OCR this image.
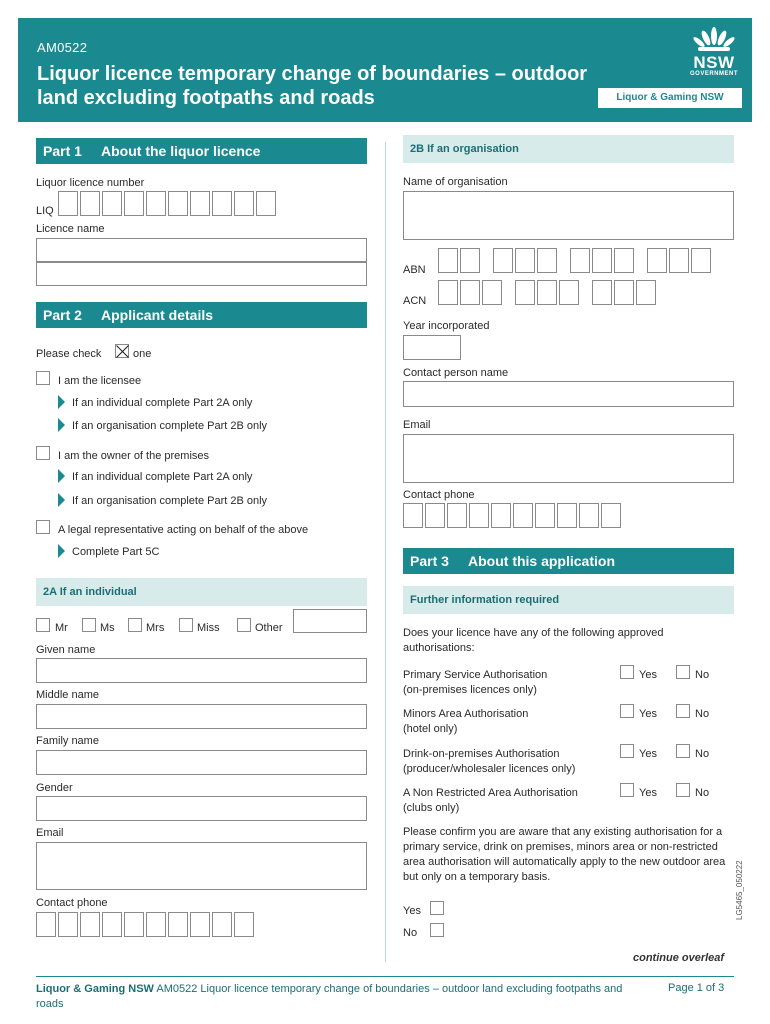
AM0522
Liquor licence temporary change of boundaries – outdoor land excluding footpaths and roads
NSW
GOVERNMENT
Liquor & Gaming NSW
Part 1 About the liquor licence
Liquor licence number
LIQ
Licence name
Part 2 Applicant details
Please check	one
I am the licensee
If an individual complete Part 2A only
If an organisation complete Part 2B only
I am the owner of the premises
If an individual complete Part 2A only
If an organisation complete Part 2B only
A legal representative acting on behalf of the above
Complete Part 5C
2A If an individual
Mr	Ms	Mrs	Miss	Other
Given name
Middle name
Family name
Gender
Email
Contact phone
2B If an organisation
Name of organisation
ABN
ACN
Year incorporated
Contact person name
Email
Contact phone
Part 3 About this application
Further information required
Does your licence have any of the following approved authorisations:
Primary Service Authorisation
(on-premises licences only)
Yes	No
Minors Area Authorisation
(hotel only)
Yes	No
Drink-on-premises Authorisation
(producer/wholesaler licences only)
Yes	No
A Non Restricted Area Authorisation
(clubs only)
Yes	No
Please confirm you are aware that any existing authorisation for a primary service, drink on premises, minors area or non-restricted area authorisation will automatically apply to the new outdoor area but only on a temporary basis.
Yes
No
LG5465_050222
continue overleaf
Liquor & Gaming NSW AM0522 Liquor licence temporary change of boundaries – outdoor land excluding footpaths and roads
Page 1 of 3
